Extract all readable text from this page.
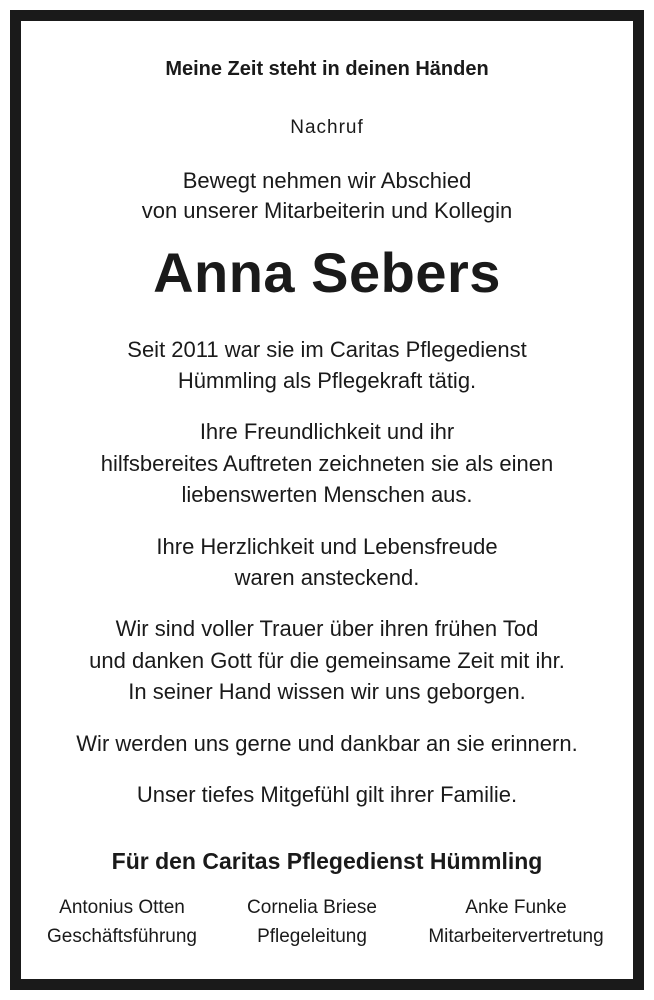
Meine Zeit steht in deinen Händen
Nachruf
Bewegt nehmen wir Abschied
von unserer Mitarbeiterin und Kollegin
Anna Sebers
Seit 2011 war sie im Caritas Pflegedienst
Hümmling als Pflegekraft tätig.
Ihre Freundlichkeit und ihr
hilfsbereites Auftreten zeichneten sie als einen
liebenswerten Menschen aus.
Ihre Herzlichkeit und Lebensfreude
waren ansteckend.
Wir sind voller Trauer über ihren frühen Tod
und danken Gott für die gemeinsame Zeit mit ihr.
In seiner Hand wissen wir uns geborgen.
Wir werden uns gerne und dankbar an sie erinnern.
Unser tiefes Mitgefühl gilt ihrer Familie.
Für den Caritas Pflegedienst Hümmling
Antonius Otten
Geschäftsführung
Cornelia Briese
Pflegeleitung
Anke Funke
Mitarbeitervertretung
